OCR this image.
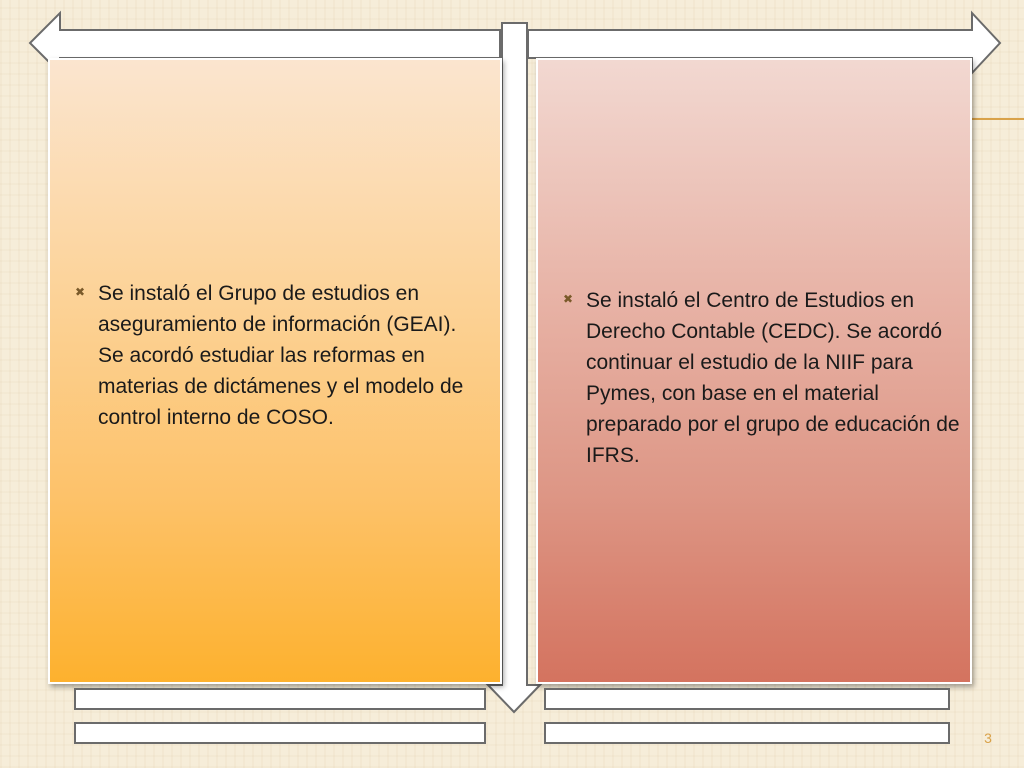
✖ Se instaló el Grupo de estudios en aseguramiento de información (GEAI). Se acordó estudiar las reformas en materias de dictámenes y el modelo de control interno de COSO.
✖ Se instaló el Centro de Estudios en Derecho Contable (CEDC). Se acordó continuar el estudio de la NIIF para Pymes, con base en el material preparado por el grupo de educación de IFRS.
3
